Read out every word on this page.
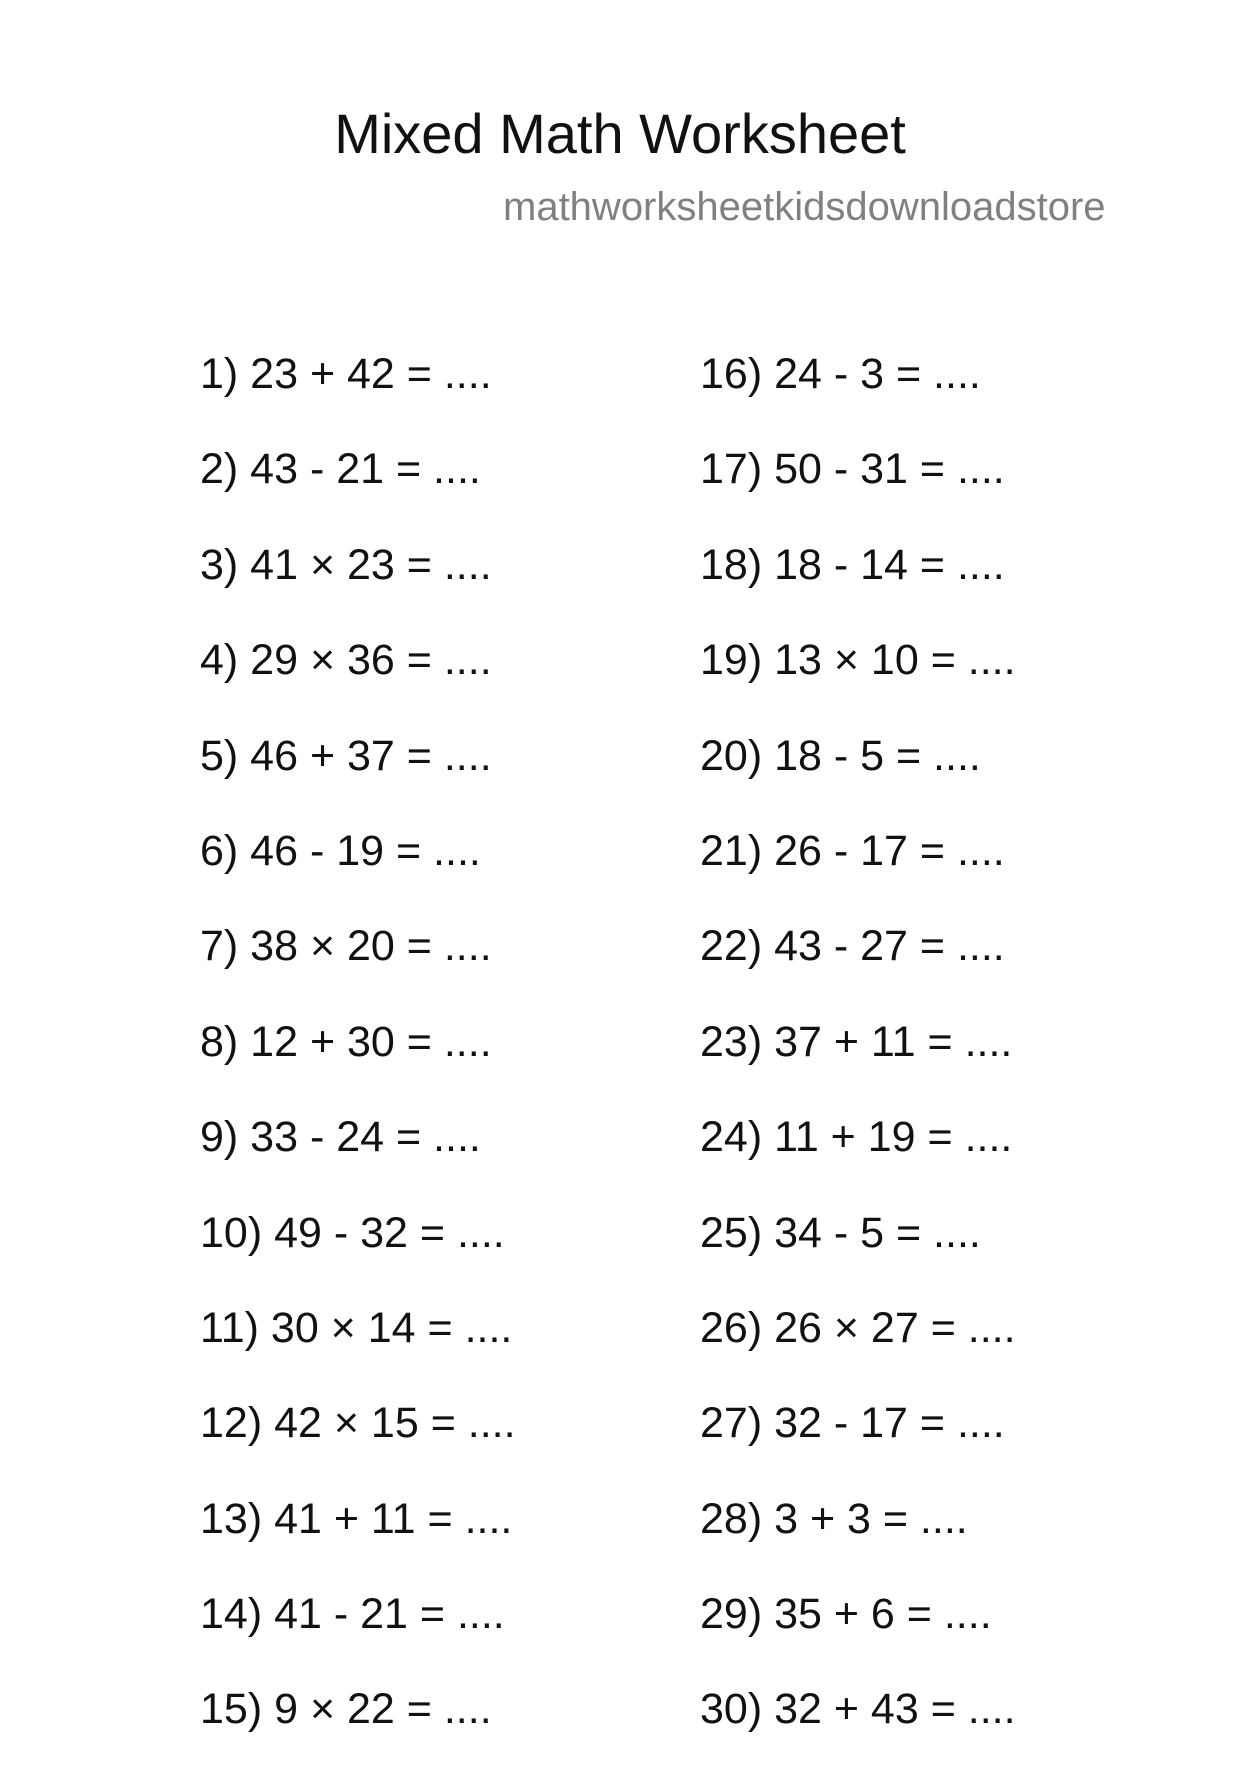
Mixed Math Worksheet

mathworksheetkidsdownloadstore

1) 23 + 42 = ....
2) 43 - 21 = ....
3) 41 × 23 = ....
4) 29 × 36 = ....
5) 46 + 37 = ....
6) 46 - 19 = ....
7) 38 × 20 = ....
8) 12 + 30 = ....
9) 33 - 24 = ....
10) 49 - 32 = ....
11) 30 × 14 = ....
12) 42 × 15 = ....
13) 41 + 11 = ....
14) 41 - 21 = ....
15) 9 × 22 = ....
16) 24 - 3 = ....
17) 50 - 31 = ....
18) 18 - 14 = ....
19) 13 × 10 = ....
20) 18 - 5 = ....
21) 26 - 17 = ....
22) 43 - 27 = ....
23) 37 + 11 = ....
24) 11 + 19 = ....
25) 34 - 5 = ....
26) 26 × 27 = ....
27) 32 - 17 = ....
28) 3 + 3 = ....
29) 35 + 6 = ....
30) 32 + 43 = ....
